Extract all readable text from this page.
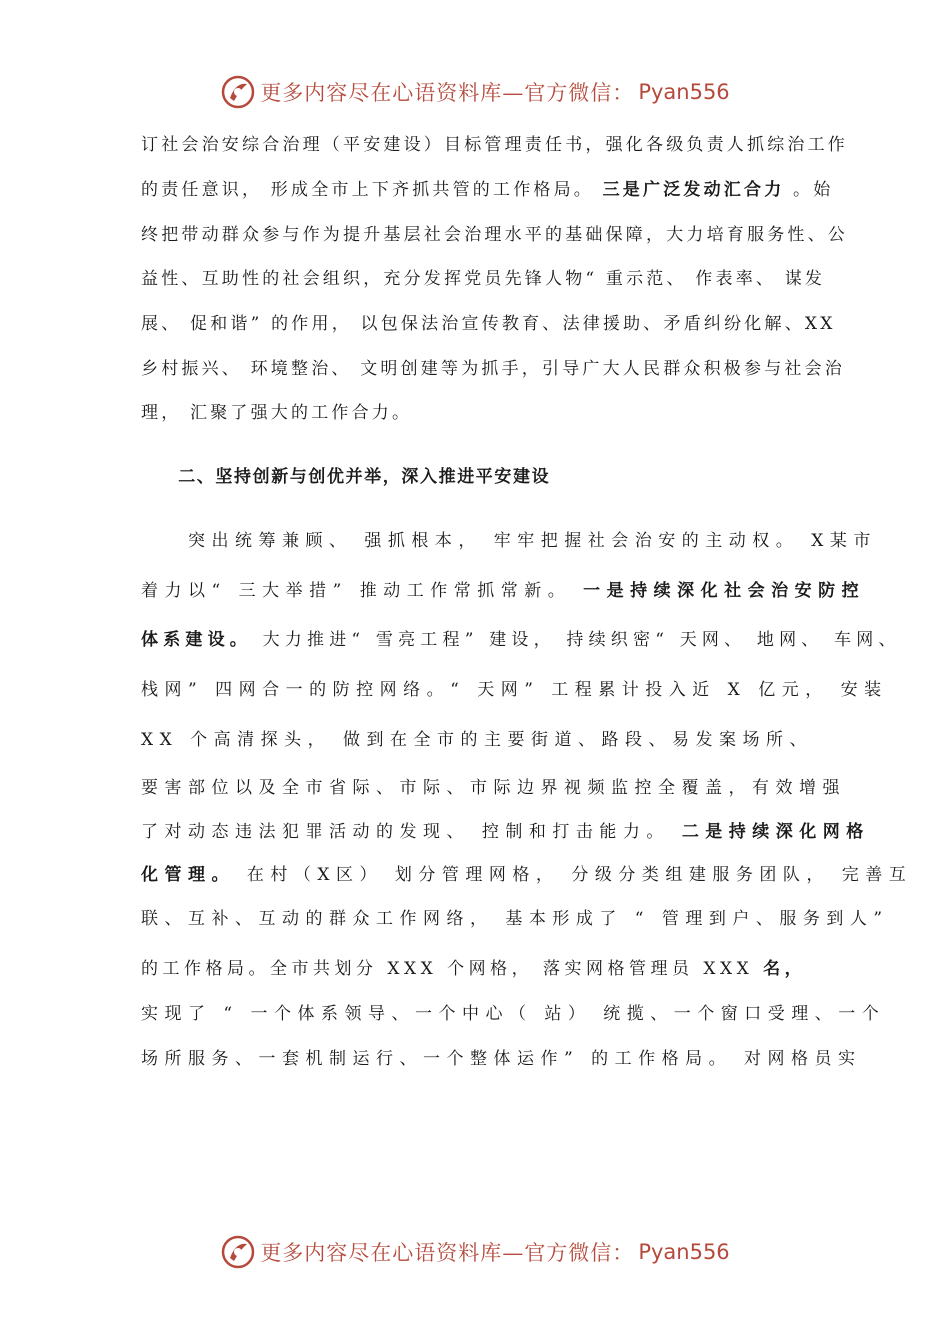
更多内容尽在心语资料库 —官方微信： Pyan556
订社会治安综合治理（平安建设）目标管理责任书，强化各级负责人抓综治工作
的责任意识， 形成全市上下齐抓共管的工作格局。 三是广泛发动汇合力 。始
终把带动群众参与作为提升基层社会治理水平的基础保障，大力培育服务性、公
益性、互助性的社会组织，充分发挥党员先锋人物“ 重示范、 作表率、 谋发
展、 促和谐” 的作用， 以包保法治宣传教育、法律援助、矛盾纠纷化解、XX
乡村振兴、 环境整治、 文明创建等为抓手，引导广大人民群众积极参与社会治
理， 汇聚了强大的工作合力。
　　二、坚持创新与创优并举，深入推进平安建设
　　突出统筹兼顾、 强抓根本， 牢牢把握社会治安的主动权。 X某市
着力以“ 三大举措” 推动工作常抓常新。 一是持续深化社会治安防控
体系建设。 大力推进“ 雪亮工程” 建设， 持续织密“ 天网、 地网、 车网、
栈网” 四网合一的防控网络。“ 天网” 工程累计投入近 X 亿元， 安装
XX 个高清探头， 做到在全市的主要街道、路段、易发案场所、
要害部位以及全市省际、市际、市际边界视频监控全覆盖，有效增强
了对动态违法犯罪活动的发现、 控制和打击能力。 二是持续深化网格
化管理。 在村（X区） 划分管理网格， 分级分类组建服务团队， 完善互
联、互补、互动的群众工作网络， 基本形成了 “ 管理到户、服务到人”
的工作格局。全市共划分 XXX 个网格， 落实网格管理员 XXX 名，
实现了 “ 一个体系领导、一个中心（ 站） 统揽、一个窗口受理、一个
场所服务、一套机制运行、一个整体运作” 的工作格局。 对网格员实
更多内容尽在心语资料库 —官方微信： Pyan556
